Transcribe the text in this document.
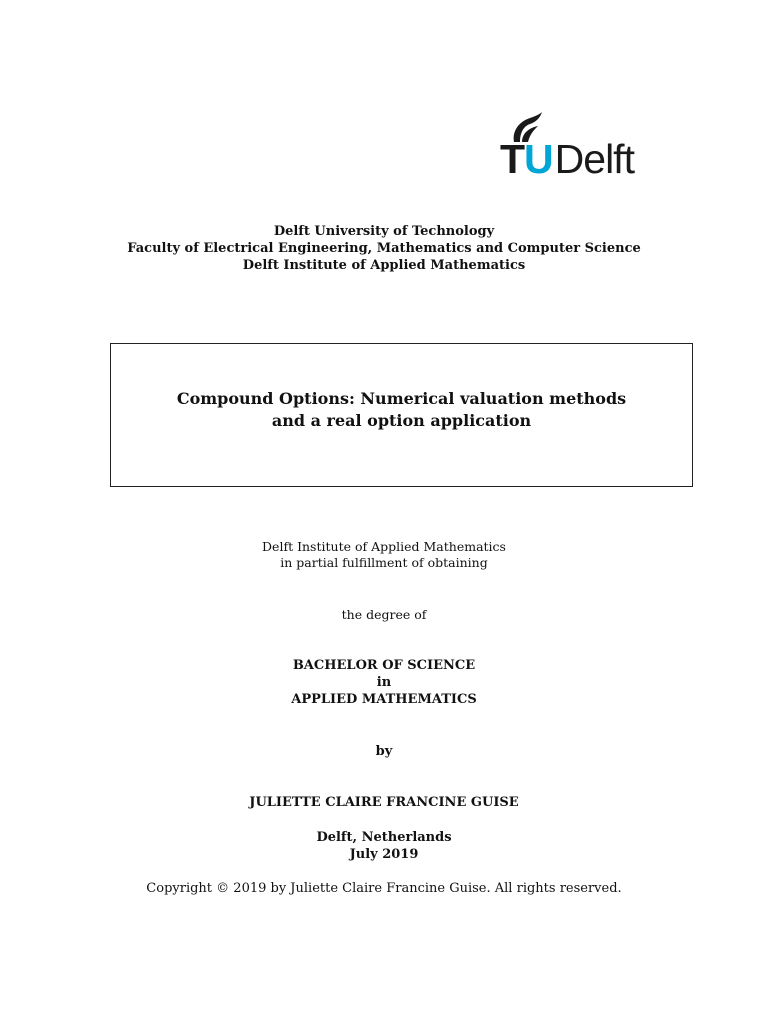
TUDelft
Delft University of Technology
Faculty of Electrical Engineering, Mathematics and Computer Science
Delft Institute of Applied Mathematics
Compound Options: Numerical valuation methods
and a real option application
Delft Institute of Applied Mathematics
in partial fulfillment of obtaining
the degree of
BACHELOR OF SCIENCE
in
APPLIED MATHEMATICS
by
JULIETTE CLAIRE FRANCINE GUISE
Delft, Netherlands
July 2019
Copyright © 2019 by Juliette Claire Francine Guise. All rights reserved.
